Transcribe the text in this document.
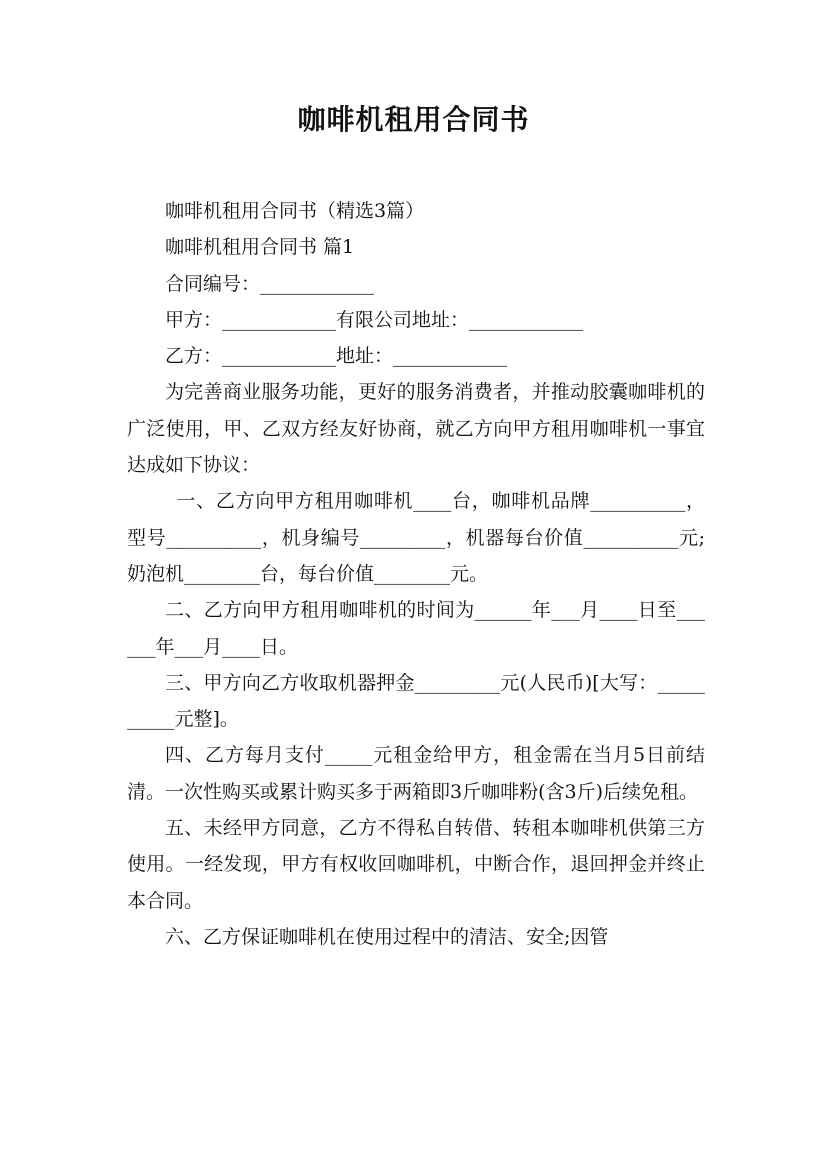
咖啡机租用合同书

咖啡机租用合同书（精选3篇）

咖啡机租用合同书 篇1

合同编号：____________

甲方：____________有限公司地址：____________

乙方：____________地址：____________

为完善商业服务功能，更好的服务消费者，并推动胶囊咖啡机的广泛使用，甲、乙双方经友好协商，就乙方向甲方租用咖啡机一事宜达成如下协议：

一、乙方向甲方租用咖啡机____台，咖啡机品牌__________，型号__________，机身编号_________，机器每台价值__________元;奶泡机________台，每台价值________元。

二、乙方向甲方租用咖啡机的时间为______年___月____日至______年___月____日。

三、甲方向乙方收取机器押金_________元(人民币)[大写：__________元整]。

四、乙方每月支付_____元租金给甲方，租金需在当月5日前结清。一次性购买或累计购买多于两箱即3斤咖啡粉(含3斤)后续免租。

五、未经甲方同意，乙方不得私自转借、转租本咖啡机供第三方使用。一经发现，甲方有权收回咖啡机，中断合作，退回押金并终止本合同。

六、乙方保证咖啡机在使用过程中的清洁、安全;因管
